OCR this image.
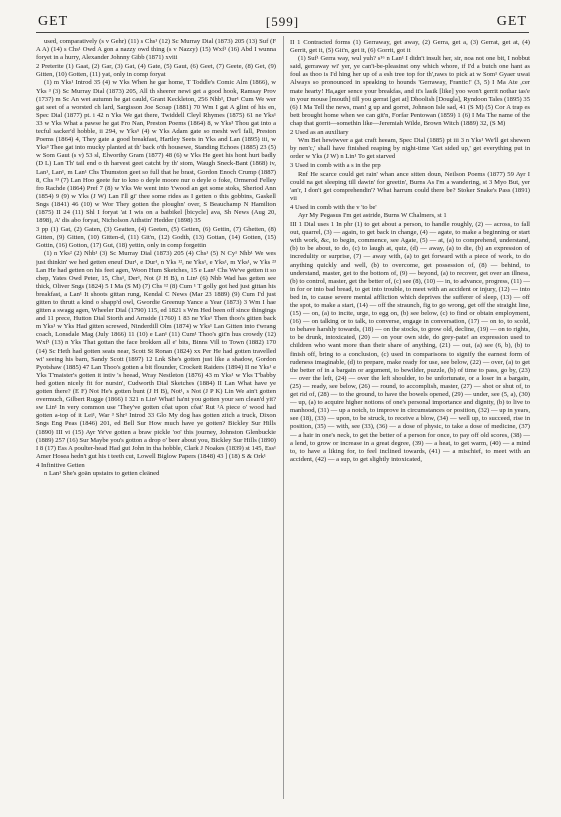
GET	[599]	GET

used, comparatively (s v Gehr) (11) s Chs¹ (12) Sc Murray Dial (1873) 205 (13) Suf (F A A) (14) s Chs¹ Owd A gon a nazzy owd thing (s v Nazzy) (15) Wxf¹ (16) Abd I wunna foryet in a hurry, Alexander Johnny Gibb (1871) xviii

2 Preterite (1) Gaat, (2) Gar, (3) Gat, (4) Gate, (5) Gaut, (6) Geet, (7) Geete, (8) Get, (9) Gitten, (10) Gotten, (11) yat, only in comp foryat

(1) m Yks¹ Introd 35 (4) w Yks When he gar home, T Toddle's Comic Alm (1866), w Yks ³ (3) Sc Murray Dial (1873) 205, All th sheerer newi get a good hook, Ramsay Prov (1737) m Sc An wet autumn he gat cauld, Grant Keckleton, 256 Nhb¹, Dur¹ Cum We wer gat seet of a worsted ch lard, Sargisson Joe Scoap (1881) 70 Wm I gat A glint of his en, Spec Dial (1877) pt. i 42 n Yks We gat there, Twiddell Cleyl Rhymes (1875) 61 ne Yks¹ 33 w Yks What a pawse he gat Fro Nan, Preston Poems (1864) 8, w Yks³ Thou gat into a tecful sacker'd hobble, ii 294, w Yks⁵ (4) w Yks Adam gate so mesht we'l fall, Preston Poems (1864) 4, They gate a good breakfast, Hartley Seets in Yks and Lan (1895) iii, w Yks³ Thee gat into mucky planted at th' back o'th housewe, Standing Echoes (1885) 23 (5) w Som Gaut (s v) 53 sl, Elworthy Gram (1877) 48 (6) w Yks He geet his hont hurt badly (D L) Lan Th' tail end o th harvest geet catcht by th' stom, Waugh Sneck-Bant (1868) iv, Lan¹, Lan¹, m Lan¹ Chs Thumston geet so full that he brast, Gordon Enoch Crump (1887) 8, Chs ¹³ (7) Lan Hoo geete fur to kno o deyle moore nur o deyle o foke, Ormerod Felley fro Rachde (1864) Pref 7 (8) w Yks We went into 't'wood an get some stoks, Sheriod Ann (1854) 9 (9) w Yks (J W) Lan I'll gi' thee some rides as I getten o this gobbins, Gaskell Sngs (1841) 46 (10) w Wor They gotten the ploughn' over, S Beauchamp N Hamilton (1875) II 24 (11) Shl I foryat 'at I wis on a baibikel [bicycle] ava, Sh News (Aug 20, 1898), A' dis abo foryat, Nicholson Aithstin' Hedder (1898) 35

3 pp (1) Gat, (2) Gaten, (3) Geatten, (4) Geeten, (5) Getten, (6) Gettin, (7) Ghetten, (8) Gitten, (9) Gitten, (10) Gitten-d, (11) Git'n, (12) Godth, (13) Gottan, (14) Gotten, (15) Gottin, (16) Gotton, (17) Gut, (18) yettin, only in comp forgettin

(1) n Yks² (2) Nhb¹ (3) Sc Murray Dial (1873) 205 (4) Chs¹ (5) N Cy¹ Nhb¹ We wes just thinkin' we hed getten eneuf Dur¹, e Dur¹, n Yks ¹², ne Yks¹, e Yks¹, m Yks¹, w Yks ²³ Lan He had getten on his feet agen, Woon Hum Sketches, 15 e Lan¹ Chs We've getten it so chep, Yates Owd Peter, 15, Chs¹, Der¹, Not (J H B), n Lin¹ (6) Nhb Wad has getten see thick, Oliver Sngs (1824) 5 I Ma (S M) (7) Chs ¹² (8) Cum ¹ T golly got hed just gittan his breakfast, a Lan¹ It shoots gittan rung, Kendal C News (Mar 23 1889) (9) Cum I'd just gitten to thrutt a kind o shapp'd owl, Gwordie Greenup Yance a Year (1873) 3 Wm I hae gitten a swagg agen, Wheeler Dial (1790) 115, ed 1821 s Wm Hed been off since thingings and 11 prece, Hutton Dial Storth and Arnside (1760) 1 83 ne Yks¹ Then thoo's gitten back m Yks¹ w Yks Had gitten screwed, Ninderdill Olm (1874) w Yks¹ Lan Gitten into t'wrang coach, Lonsdale Mag (July 1866) 11 (10) e Lan¹ (11) Cum¹ Thoo's git'n hus crowdy (12) Wxf¹ (13) n Yks That gottan the face brokken all e' bits, Binns Vill to Town (1882) 170 (14) Sc Heth had gotten seats near, Scott St Ronan (1824) xx Per He had gotten travelled wi' seeing his barn, Sandy Scott (1897) 12 Lnk She's gotten just like a shadow, Gordon Pyotshaw (1885) 47 Lan Thoo's gotten a bit flounder, Crockett Raiders (1894) II ne Yks¹ e Yks T'maister's gotten it intiv 's heead, Wray Nestleton (1876) 43 m Yks¹ w Yks T'babby hed gotten nicely fit for nursin', Cudworth Dial Sketches (1884) II Lan What have ye gotten there? (E F) Not He's gotten bunt (J H B), Not¹, s Not (J P K) Lin We ain't gotten overmuch, Gilbert Rugge (1866) I 321 n Lin¹ What! ha'nt you gotten your sen clean'd yit? sw Lin¹ In very common use 'They've gotten côat upon côat' Rut ¹A piece o' wood had gotten a-top of it Lei¹, War ³ Shr¹ Introd 33 Glo My dog has gotten zitch a truck, Dixon Sngs Eng Peas (1846) 201, ed Bell Sur How much have ye gotten? Bickley Sur Hills (1890) III vi (15) Ayr Ye've gotten a braw pickle 'oo' this journey, Johnston Glenbuckie (1889) 257 (16) Sur Maybe you's gotton a drop o' beer about you, Bickley Sur Hills (1890) I 8 (17) Ess A poulter-head Had gut John in tha hobble, Clark J Noakes (1839) st 145, Ess¹ Amer Hosea hedn't gut his t teeth cut, Lowell Biglow Papers (1848) 43 ] (18) S & Ork¹

4 Infinitive Getten

n Lan¹ She's goän upstairs to getten cleäned

II 1 Contracted forms (1) Gerraway, get away, (2) Gerra, get a, (3) Gerrat, get at, (4) Gerrit, get it, (5) Git'n, get it, (6) Gorrit, got it

(1) Suf¹ Gerra way, wul yuh? s¹⁶ n Lan¹ I didn't insult her, sir, noa not one bit, I nobbut said, gerraway wi' yer, ye can't-be-pleasinst ony which whore, if I'd a butch one hant as foul as thoo is I'd hing her up of a esh tree top for th',raws to pick at w Som¹ Gyaer uwai Always so pronounced in speaking to hounds 'Gerraway, Frantic!' (3, 5) I Ma Ate ,cer mate hearty! Ha,ager sence your breakfas, and it's lasik [like] yoo won't gerrit nothar tas'e in your mouse [mouth] till you gerrat [get at] Dhoolish [Dougla], Ryndoon Tales (1895) 35 (6) I Ma Tell the news, man! g up and gorret, Johnson Isle sad, 41 (S M) (5) Cor A trap es bett brought home when we can git'n, Forfar Pentowan (1859) 1 (6) I Ma The name of the chap that gorrit—somethin like—Jeremiah Wilde, Brown Witch (1889) 32, (S M)

2 Used as an auxiliary

Wm Bet hewiwver a gat craft heeam, Spec Dial (1885) pt iii 3 n Yks¹ We'll get shewen by nen'c,' shall have finished reaping by night-time 'Get sided up,' get everything put in order w Yks (J W) n Lin¹ To get starved

3 Used in comb with a s in the prp

Rnf He scarce could get rain' whan ance sitten doun, Neilson Poems (1877) 59 Ayr I could na get sleeping till dawin' for greetin', Burns As I'm a wandering, st 3 Myo But, yer 'an'r, I don't get comprehendin'? What harrum could there be? Stoker Snake's Pass (1891) vii

4 Used in comb with the v 'to be'

Ayr My Pegasus I'm get astride, Burns W Chalmers, st 1

III 1 Dial uses 1 In phr (1) to get about a person, to handle roughly, (2) — across, to fall out, quarrel, (3) — again, to get back in change, (4) — agate, to make a beginning or start with work, &c, to begin, commence, see Agate, (5) — at, (a) to comprehend, understand, (b) to be about, to do, (c) to laugh at, quiz, (d) — away, (a) to die, (b) an expression of incredulity or surprise, (7) — away with, (a) to get forward with a piece of work, to do anything quickly and well, (b) to overcome, get possession of, (8) — behind, to understand, master, get to the bottom of, (9) — beyond, (a) to recover, get over an illness, (b) to control, master, get the better of, (c) see (8), (10) — in, to advance, progress, (11) — in for or into bad bread, to get into trouble, to meet with an accident or injury, (12) — into bed in, to cause severe mental affliction which deprives the sufferer of sleep, (13) — off the spot, to make a start, (14) — off the straunch, fig to go wrong, get off the straight line, (15) — on, (a) to incite, urge, to egg on, (b) see below, (c) to find or obtain employment, (16) — on talking or to talk, to converse, engage in conversation, (17) — on to, to scold, to behave harshly towards, (18) — on the stocks, to grow old, decline, (19) — on to rights, to be drunk, intoxicated, (20) — on your own side, do grey-pate! an expression used to children who want more than their share of anything, (21) — out, (a) see (6, b), (b) to finish off, bring to a conclusion, (c) used in comparisons to signify the earnest form of rudeness imaginable, (d) to prepare, make ready for use, see below, (22) — over, (a) to get the better of in a bargain or argument, to bewilder, puzzle, (b) of time to pass, go by, (23) — over the left, (24) — over the left shoulder, to be unfortunate, or a loser in a bargain, (25) — ready, see below, (26) — round, to accomplish, master, (27) — shot or shut of, to get rid of, (28) — to the ground, to have the bowels opened, (29) — under, see (5, a), (30) — up, (a) to acquire higher notions of one's personal importance and dignity, (b) to live to manhood, (31) — up a notch, to improve in circumstances or position, (32) — up in years, see (18), (33) — upon, to be struck, to receive a blow, (34) — well up, to succeed, rise in position, (35) — with, see (33), (36) — a dose of physic, to take a dose of medicine, (37) — a hair in one's neck, to get the better of a person for once, to pay off old scores, (38) — a lend, to grow or increase in a great degree, (39) — a heat, to get warm, (40) — a mind to, to have a liking for, to feel inclined towards, (41) — a mischief, to meet with an accident, (42) — a sup, to get slightly intoxicated,
